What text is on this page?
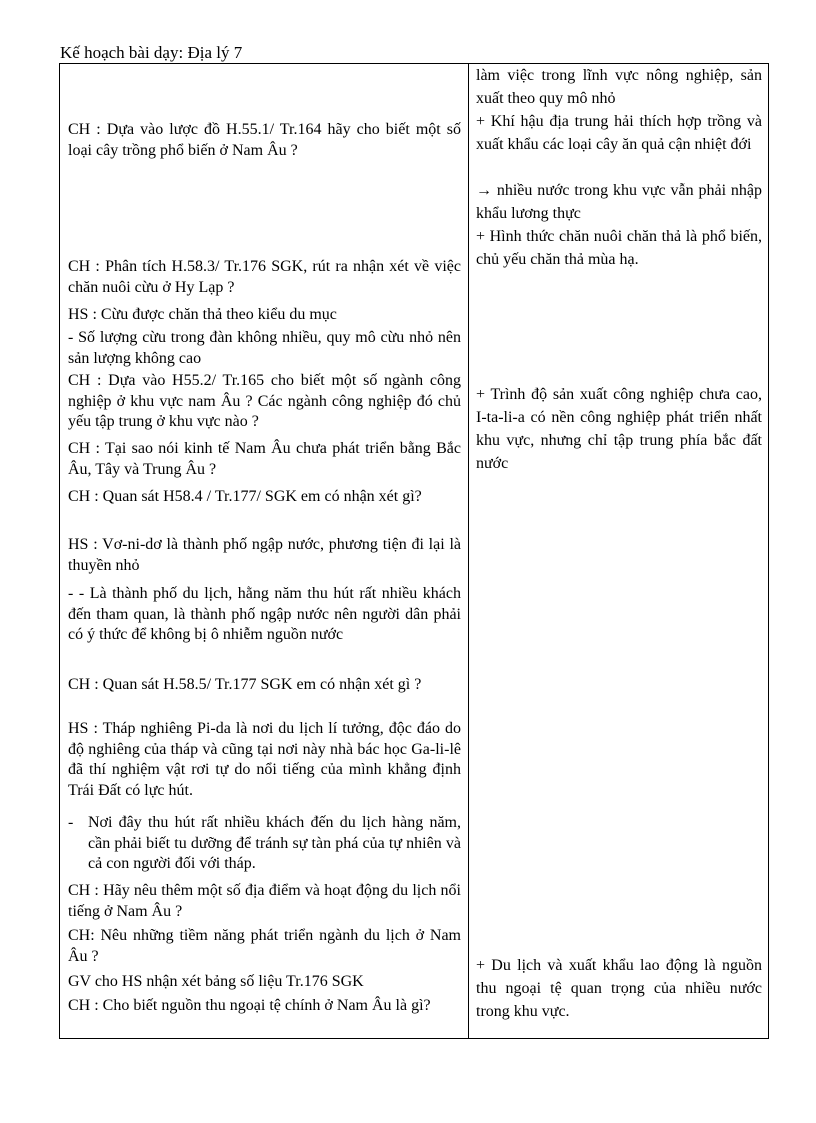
Kế hoạch bài dạy: Địa lý 7
CH : Dựa vào lược đồ H.55.1/ Tr.164 hãy cho biết một số loại cây trồng phổ biến ở Nam Âu ?
CH : Phân tích H.58.3/ Tr.176 SGK, rút ra nhận xét về việc chăn nuôi cừu ở Hy Lạp ?
HS : Cừu được chăn thả theo kiểu du mục
- Số lượng cừu trong đàn không nhiều, quy mô cừu nhỏ nên sản lượng không cao
CH : Dựa vào H55.2/ Tr.165 cho biết một số ngành công nghiệp ở khu vực nam Âu ? Các ngành công nghiệp đó chủ yếu tập trung ở khu vực nào ?
CH : Tại sao nói kinh tế Nam Âu chưa phát triển bằng Bắc Âu, Tây và Trung Âu ?
CH : Quan sát H58.4 / Tr.177/ SGK em có nhận xét gì?
HS : Vơ-ni-dơ là thành phố ngập nước, phương tiện đi lại là thuyền nhỏ
- - Là thành phố du lịch, hằng năm thu hút rất nhiều khách đến tham quan, là thành phố ngập nước nên người dân phải có ý thức để không bị ô nhiễm nguồn nước
CH : Quan sát H.58.5/ Tr.177 SGK em có nhận xét gì ?
HS : Tháp nghiêng Pi-da là nơi du lịch lí tưởng, độc đáo do độ nghiêng của tháp và cũng tại nơi này nhà bác học Ga-li-lê đã thí nghiệm vật rơi tự do nổi tiếng của mình khẳng định Trái Đất có lực hút.
- Nơi đây thu hút rất nhiều khách đến du lịch hàng năm, cần phải biết tu dưỡng để tránh sự tàn phá của tự nhiên và cả con người đối với tháp.
CH : Hãy nêu thêm một số địa điểm và hoạt động du lịch nổi tiếng ở Nam Âu ?
CH: Nêu những tiềm năng phát triển ngành du lịch ở Nam Âu ?
GV cho HS nhận xét bảng số liệu Tr.176 SGK
CH : Cho biết nguồn thu ngoại tệ chính ở Nam Âu là gì?
làm việc trong lĩnh vực nông nghiệp, sản xuất theo quy mô nhỏ
+ Khí hậu địa trung hải thích hợp trồng và xuất khẩu các loại cây ăn quả cận nhiệt đới
→ nhiều nước trong khu vực vẫn phải nhập khẩu lương thực
+ Hình thức chăn nuôi chăn thả là phổ biến, chủ yếu chăn thả mùa hạ.
+ Trình độ sản xuất công nghiệp chưa cao, I-ta-li-a có nền công nghiệp phát triển nhất khu vực, nhưng chỉ tập trung phía bắc đất nước
+ Du lịch và xuất khẩu lao động là nguồn thu ngoại tệ quan trọng của nhiều nước trong khu vực.
